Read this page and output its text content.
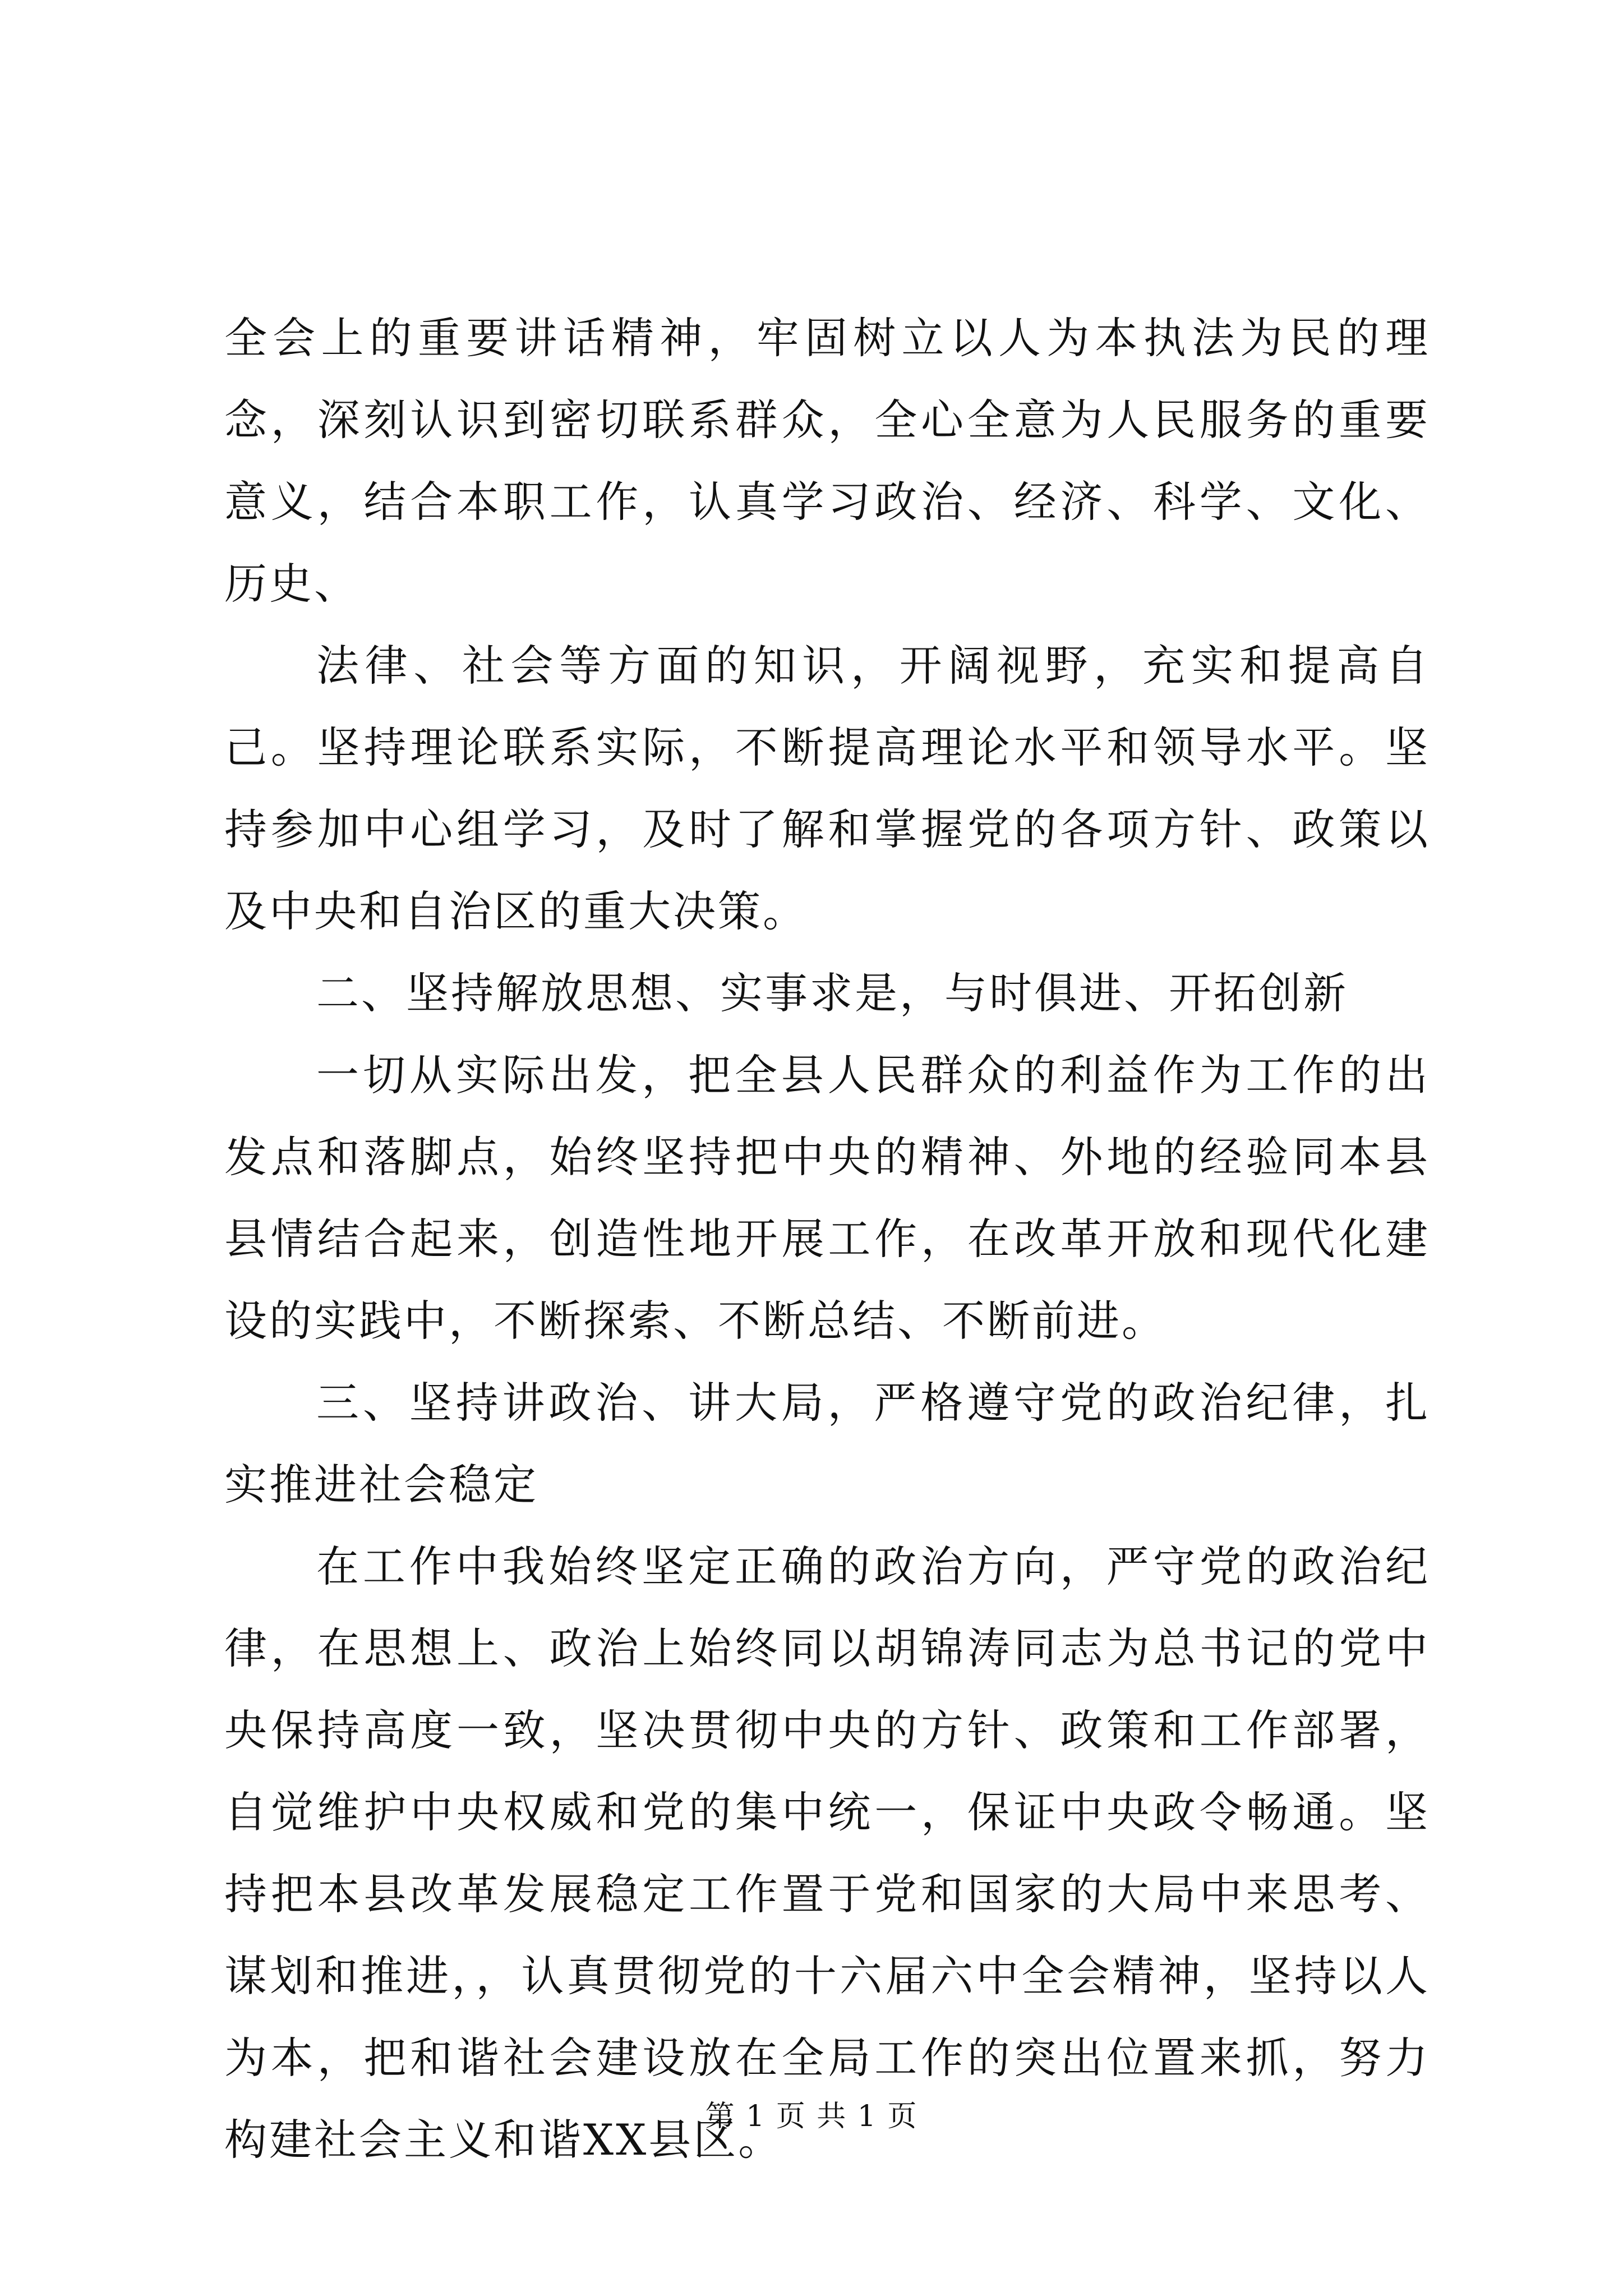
全会上的重要讲话精神，牢固树立以人为本执法为民的理念，深刻认识到密切联系群众，全心全意为人民服务的重要意义，结合本职工作，认真学习政治、经济、科学、文化、历史、

法律、社会等方面的知识，开阔视野，充实和提高自己。坚持理论联系实际，不断提高理论水平和领导水平。坚持参加中心组学习，及时了解和掌握党的各项方针、政策以及中央和自治区的重大决策。

二、坚持解放思想、实事求是，与时俱进、开拓创新

一切从实际出发，把全县人民群众的利益作为工作的出发点和落脚点，始终坚持把中央的精神、外地的经验同本县县情结合起来，创造性地开展工作，在改革开放和现代化建设的实践中，不断探索、不断总结、不断前进。

三、坚持讲政治、讲大局，严格遵守党的政治纪律，扎实推进社会稳定

在工作中我始终坚定正确的政治方向，严守党的政治纪律，在思想上、政治上始终同以胡锦涛同志为总书记的党中央保持高度一致，坚决贯彻中央的方针、政策和工作部署，自觉维护中央权威和党的集中统一，保证中央政令畅通。坚持把本县改革发展稳定工作置于党和国家的大局中来思考、谋划和推进，，认真贯彻党的十六届六中全会精神，坚持以人为本，把和谐社会建设放在全局工作的突出位置来抓，努力构建社会主义和谐XX县区。

第 1 页 共 1 页
